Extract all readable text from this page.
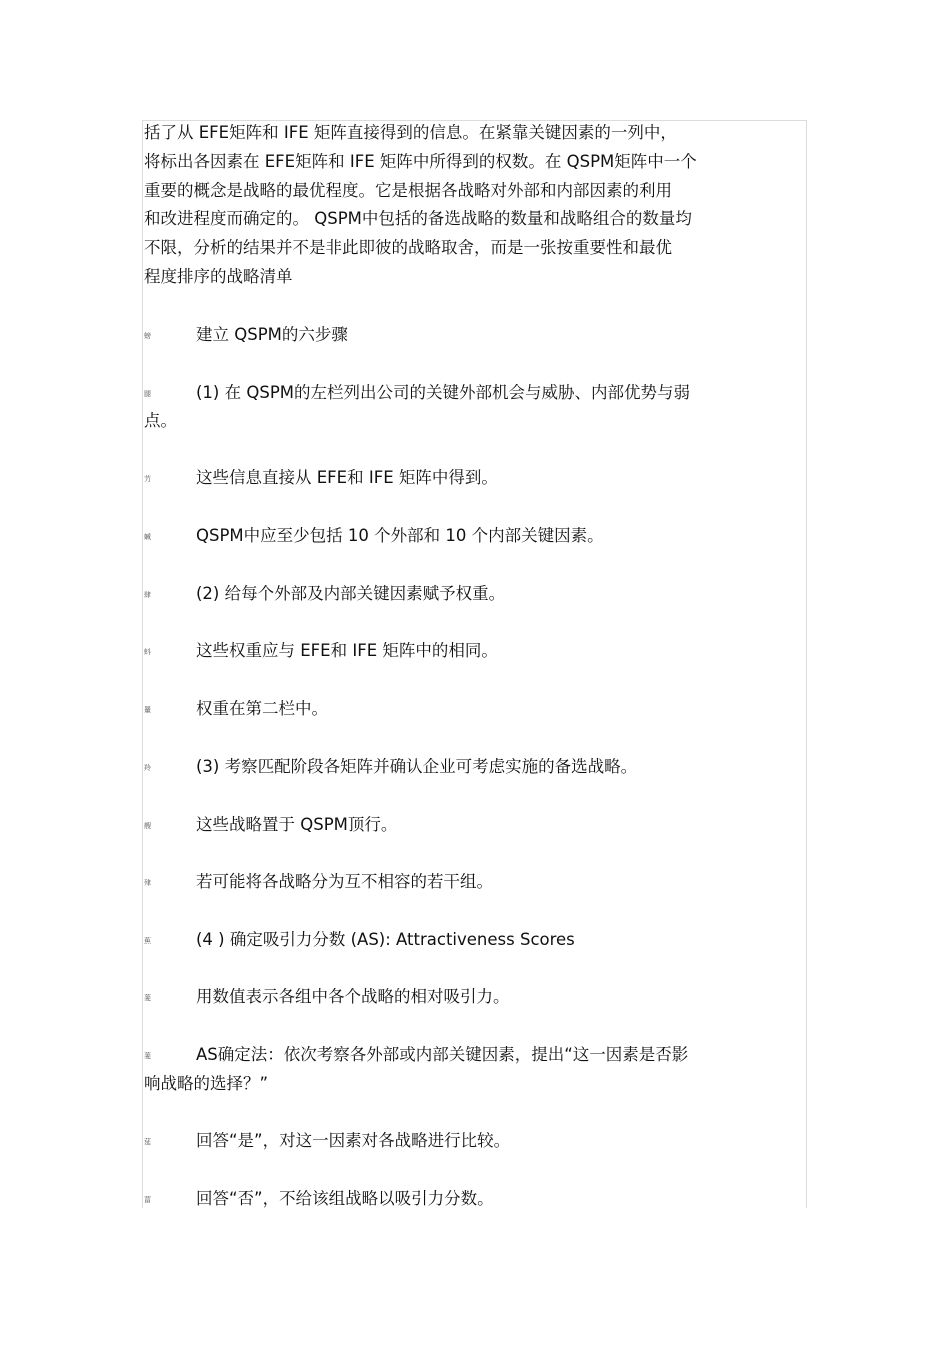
括了从 EFE矩阵和 IFE 矩阵直接得到的信息。在紧靠关键因素的一列中，
将标出各因素在 EFE矩阵和 IFE 矩阵中所得到的权数。在 QSPM矩阵中一个
重要的概念是战略的最优程度。它是根据各战略对外部和内部因素的利用
和改进程度而确定的。 QSPM中包括的备选战略的数量和战略组合的数量均
不限，分析的结果并不是非此即彼的战略取舍，而是一张按重要性和最优
程度排序的战略清单
螃	建立 QSPM的六步骤
腿	(1) 在 QSPM的左栏列出公司的关键外部机会与威胁、内部优势与弱
点。
芀	这些信息直接从 EFE和 IFE 矩阵中得到。
蝛	QSPM中应至少包括 10 个外部和 10 个内部关键因素。
肆	(2) 给每个外部及内部关键因素赋予权重。
蚪	这些权重应与 EFE和 IFE 矩阵中的相同。
罿	权重在第二栏中。
羚	(3) 考察匹配阶段各矩阵并确认企业可考虑实施的备选战略。
艘	这些战略置于 QSPM顶行。
肂	若可能将各战略分为互不相容的若干组。
蕉	(4 ) 确定吸引力分数 (AS): Attractiveness Scores
蓌	用数值表示各组中各个战略的相对吸引力。
蓌	AS确定法：依次考察各外部或内部关键因素，提出“这一因素是否影
响战略的选择？”
莚	回答“是”，对这一因素对各战略进行比较。
葍	回答“否”，不给该组战略以吸引力分数。
